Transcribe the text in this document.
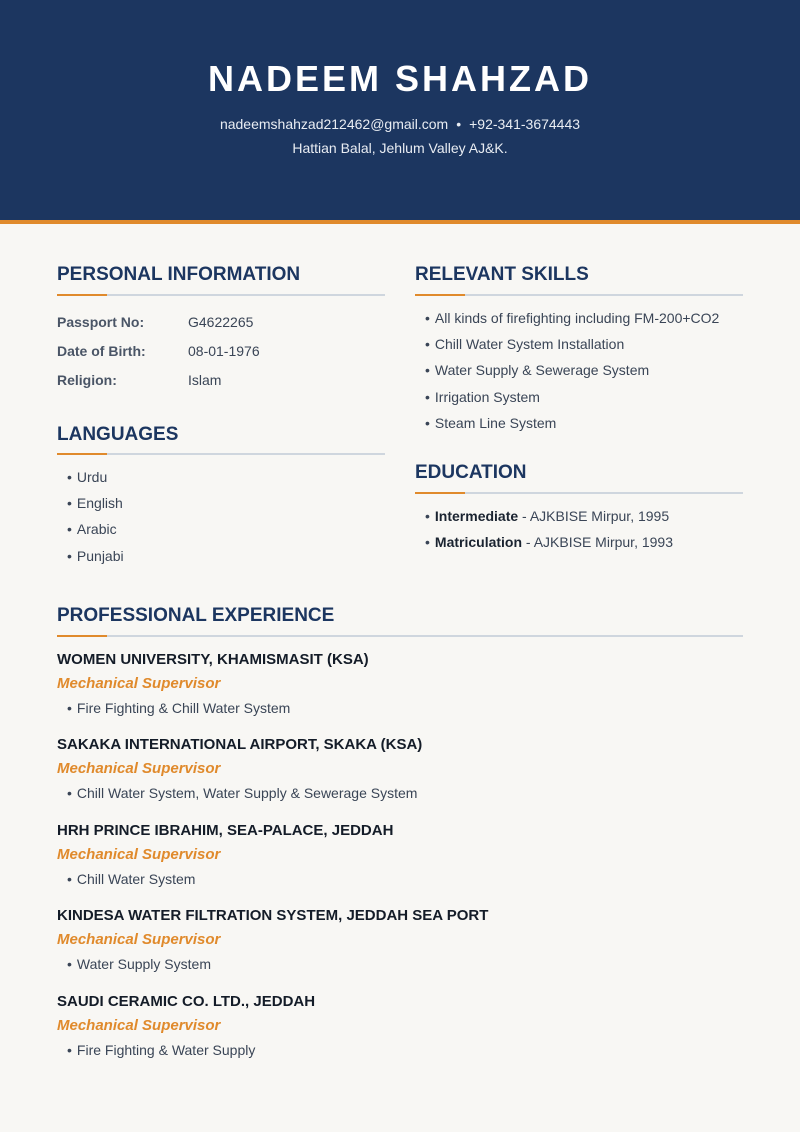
NADEEM SHAHZAD
nadeemshahzad212462@gmail.com • +92-341-3674443
Hattian Balal, Jehlum Valley AJ&K.
PERSONAL INFORMATION
Passport No:	G4622265
Date of Birth:	08-01-1976
Religion:	Islam
LANGUAGES
• Urdu
• English
• Arabic
• Punjabi
RELEVANT SKILLS
• All kinds of firefighting including FM-200+CO2
• Chill Water System Installation
• Water Supply & Sewerage System
• Irrigation System
• Steam Line System
EDUCATION
• Intermediate - AJKBISE Mirpur, 1995
• Matriculation - AJKBISE Mirpur, 1993
PROFESSIONAL EXPERIENCE
WOMEN UNIVERSITY, KHAMISMASIT (KSA)
Mechanical Supervisor
• Fire Fighting & Chill Water System
SAKAKA INTERNATIONAL AIRPORT, SKAKA (KSA)
Mechanical Supervisor
• Chill Water System, Water Supply & Sewerage System
HRH PRINCE IBRAHIM, SEA-PALACE, JEDDAH
Mechanical Supervisor
• Chill Water System
KINDESA WATER FILTRATION SYSTEM, JEDDAH SEA PORT
Mechanical Supervisor
• Water Supply System
SAUDI CERAMIC CO. LTD., JEDDAH
Mechanical Supervisor
• Fire Fighting & Water Supply
